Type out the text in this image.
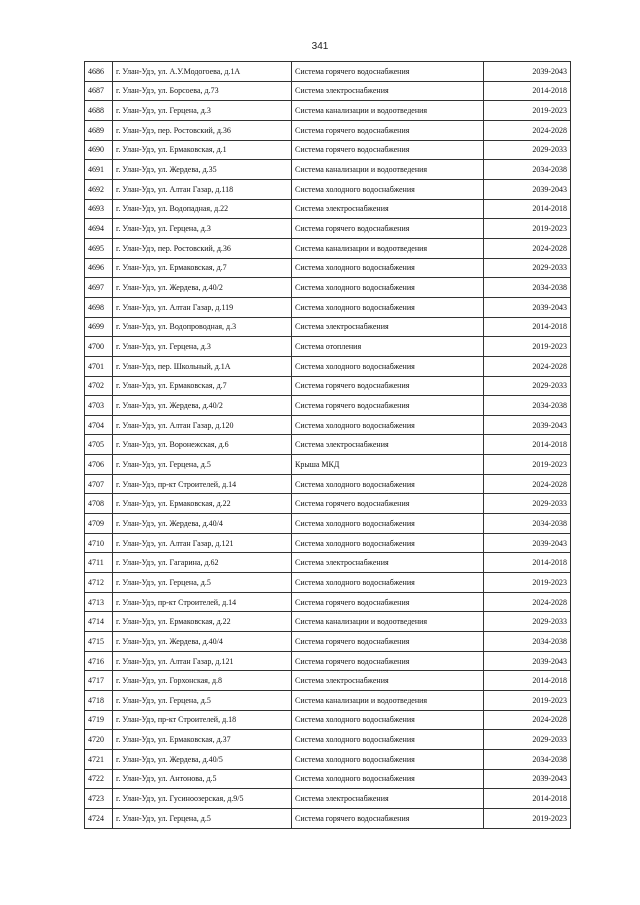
341
4686	г. Улан-Удэ, ул. А.У.Модогоева, д.1А	Система горячего водоснабжения	2039-2043
4687	г. Улан-Удэ, ул. Борсоева, д.73	Система электроснабжения	2014-2018
4688	г. Улан-Удэ, ул. Герцена, д.3	Система канализации и водоотведения	2019-2023
4689	г. Улан-Удэ, пер. Ростовский, д.36	Система горячего водоснабжения	2024-2028
4690	г. Улан-Удэ, ул. Ермаковская, д.1	Система горячего водоснабжения	2029-2033
4691	г. Улан-Удэ, ул. Жердева, д.35	Система канализации и водоотведения	2034-2038
4692	г. Улан-Удэ, ул. Алтан Газар, д.118	Система холодного водоснабжения	2039-2043
4693	г. Улан-Удэ, ул. Водопадная, д.22	Система электроснабжения	2014-2018
4694	г. Улан-Удэ, ул. Герцена, д.3	Система горячего водоснабжения	2019-2023
4695	г. Улан-Удэ, пер. Ростовский, д.36	Система канализации и водоотведения	2024-2028
4696	г. Улан-Удэ, ул. Ермаковская, д.7	Система холодного водоснабжения	2029-2033
4697	г. Улан-Удэ, ул. Жердева, д.40/2	Система холодного водоснабжения	2034-2038
4698	г. Улан-Удэ, ул. Алтан Газар, д.119	Система холодного водоснабжения	2039-2043
4699	г. Улан-Удэ, ул. Водопроводная, д.3	Система электроснабжения	2014-2018
4700	г. Улан-Удэ, ул. Герцена, д.3	Система отопления	2019-2023
4701	г. Улан-Удэ, пер. Школьный, д.1А	Система холодного водоснабжения	2024-2028
4702	г. Улан-Удэ, ул. Ермаковская, д.7	Система горячего водоснабжения	2029-2033
4703	г. Улан-Удэ, ул. Жердева, д.40/2	Система горячего водоснабжения	2034-2038
4704	г. Улан-Удэ, ул. Алтан Газар, д.120	Система холодного водоснабжения	2039-2043
4705	г. Улан-Удэ, ул. Воронежская, д.6	Система электроснабжения	2014-2018
4706	г. Улан-Удэ, ул. Герцена, д.5	Крыша МКД	2019-2023
4707	г. Улан-Удэ, пр-кт Строителей, д.14	Система холодного водоснабжения	2024-2028
4708	г. Улан-Удэ, ул. Ермаковская, д.22	Система горячего водоснабжения	2029-2033
4709	г. Улан-Удэ, ул. Жердева, д.40/4	Система холодного водоснабжения	2034-2038
4710	г. Улан-Удэ, ул. Алтан Газар, д.121	Система холодного водоснабжения	2039-2043
4711	г. Улан-Удэ, ул. Гагарина, д.62	Система электроснабжения	2014-2018
4712	г. Улан-Удэ, ул. Герцена, д.5	Система холодного водоснабжения	2019-2023
4713	г. Улан-Удэ, пр-кт Строителей, д.14	Система горячего водоснабжения	2024-2028
4714	г. Улан-Удэ, ул. Ермаковская, д.22	Система канализации и водоотведения	2029-2033
4715	г. Улан-Удэ, ул. Жердева, д.40/4	Система горячего водоснабжения	2034-2038
4716	г. Улан-Удэ, ул. Алтан Газар, д.121	Система горячего водоснабжения	2039-2043
4717	г. Улан-Удэ, ул. Горхонская, д.8	Система электроснабжения	2014-2018
4718	г. Улан-Удэ, ул. Герцена, д.5	Система канализации и водоотведения	2019-2023
4719	г. Улан-Удэ, пр-кт Строителей, д.18	Система холодного водоснабжения	2024-2028
4720	г. Улан-Удэ, ул. Ермаковская, д.37	Система холодного водоснабжения	2029-2033
4721	г. Улан-Удэ, ул. Жердева, д.40/5	Система холодного водоснабжения	2034-2038
4722	г. Улан-Удэ, ул. Антонова, д.5	Система холодного водоснабжения	2039-2043
4723	г. Улан-Удэ, ул. Гусиноозерская, д.9/5	Система электроснабжения	2014-2018
4724	г. Улан-Удэ, ул. Герцена, д.5	Система горячего водоснабжения	2019-2023
